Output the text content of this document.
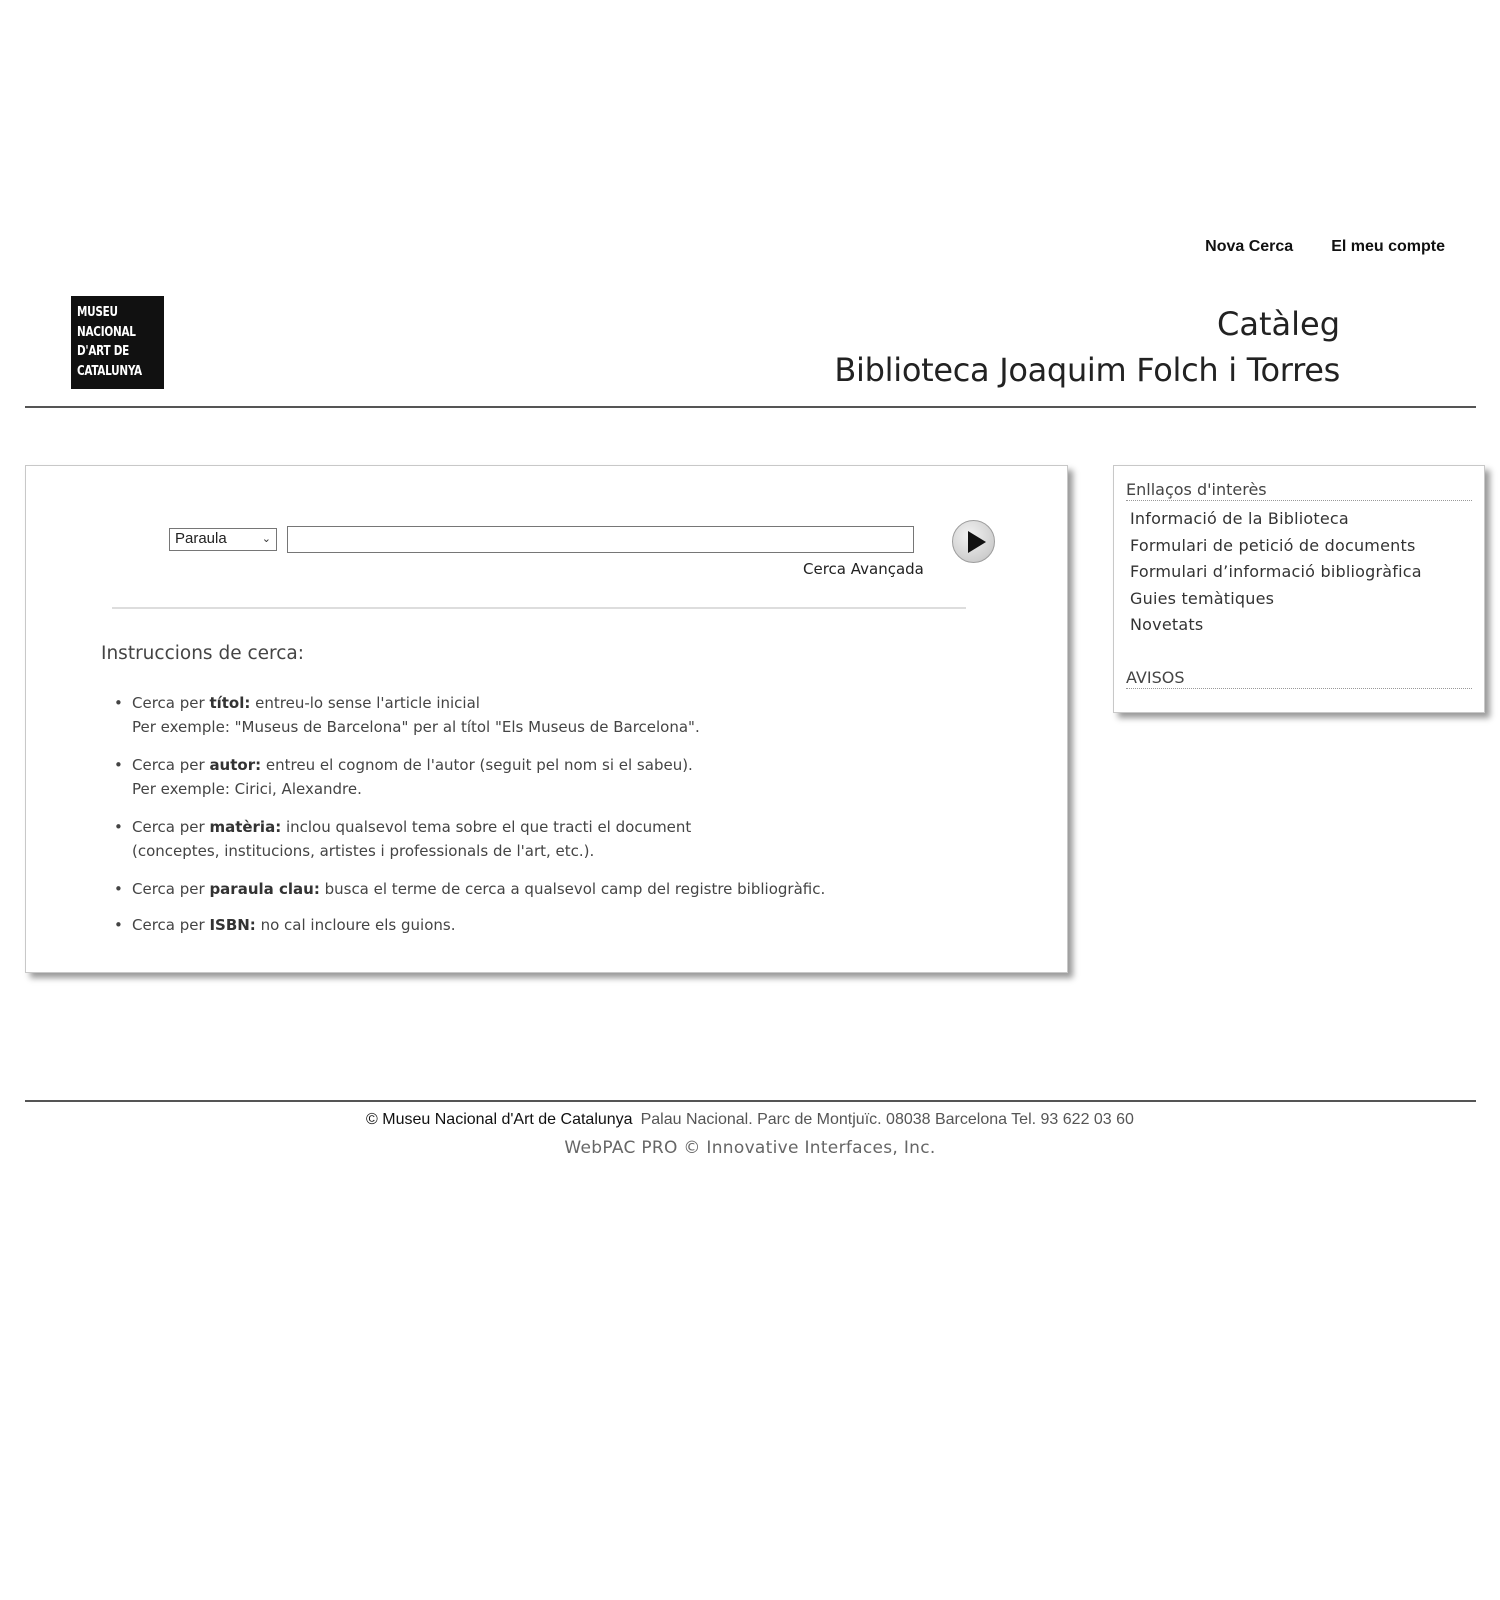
Nova Cerca El meu compte
MUSEU
NACIONAL
D'ART DE
CATALUNYA
Catàleg
Biblioteca Joaquim Folch i Torres
Paraula	⌄
Cerca Avançada
Instruccions de cerca:
• Cerca per títol: entreu-lo sense l'article inicial
Per exemple: "Museus de Barcelona" per al títol "Els Museus de Barcelona".
• Cerca per autor: entreu el cognom de l'autor (seguit pel nom si el sabeu).
Per exemple: Cirici, Alexandre.
• Cerca per matèria: inclou qualsevol tema sobre el que tracti el document
(conceptes, institucions, artistes i professionals de l'art, etc.).
• Cerca per paraula clau: busca el terme de cerca a qualsevol camp del registre bibliogràfic.
• Cerca per ISBN: no cal incloure els guions.
Enllaços d'interès
Informació de la Biblioteca
Formulari de petició de documents
Formulari d’informació bibliogràfica
Guies temàtiques
Novetats
AVISOS
© Museu Nacional d'Art de Catalunya Palau Nacional. Parc de Montjuïc. 08038 Barcelona Tel. 93 622 03 60
WebPAC PRO © Innovative Interfaces, Inc.
